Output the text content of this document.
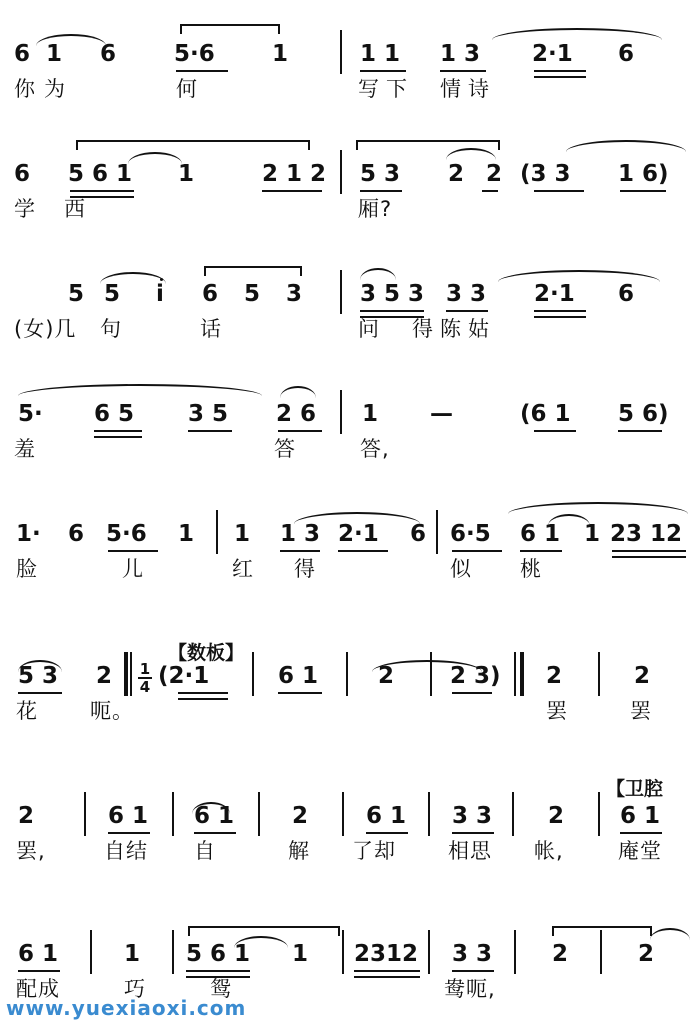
6 1 6	5·6 1	1 1 1 3 2·1 6
你 为	何	写 下 情 诗
6 5 6 1 1	2 1 2 5 3 2 2 (3 3 1 6)
学 西	厢?
5 5 i 6 5 3	3 5 3 3 3 2·1 6
(女)几 句	话	问 得 陈 姑
5· 6 5 3 5 2 6 1 —	(6 1 5 6)
羞	答	答,
1· 6 5·6 1 1 1 3 2·1 6 6·5 6 1 1 23 12
脸	儿	红 得	似 桃
【数板】
5 3 2 1
4 (2·1	6 1	2 2 3) 2	2
花 呃。	罢	罢
【卫腔
2	6 1 6 1	2	6 1 3 3 2 6 1
罢,	自结 自	解 了却 相思 帐,	庵堂
6 1	1 5 6 1 1 2312 3 3	2	2
配成	巧	鸳	鸯呃,
www.yuexiaoxi.com
